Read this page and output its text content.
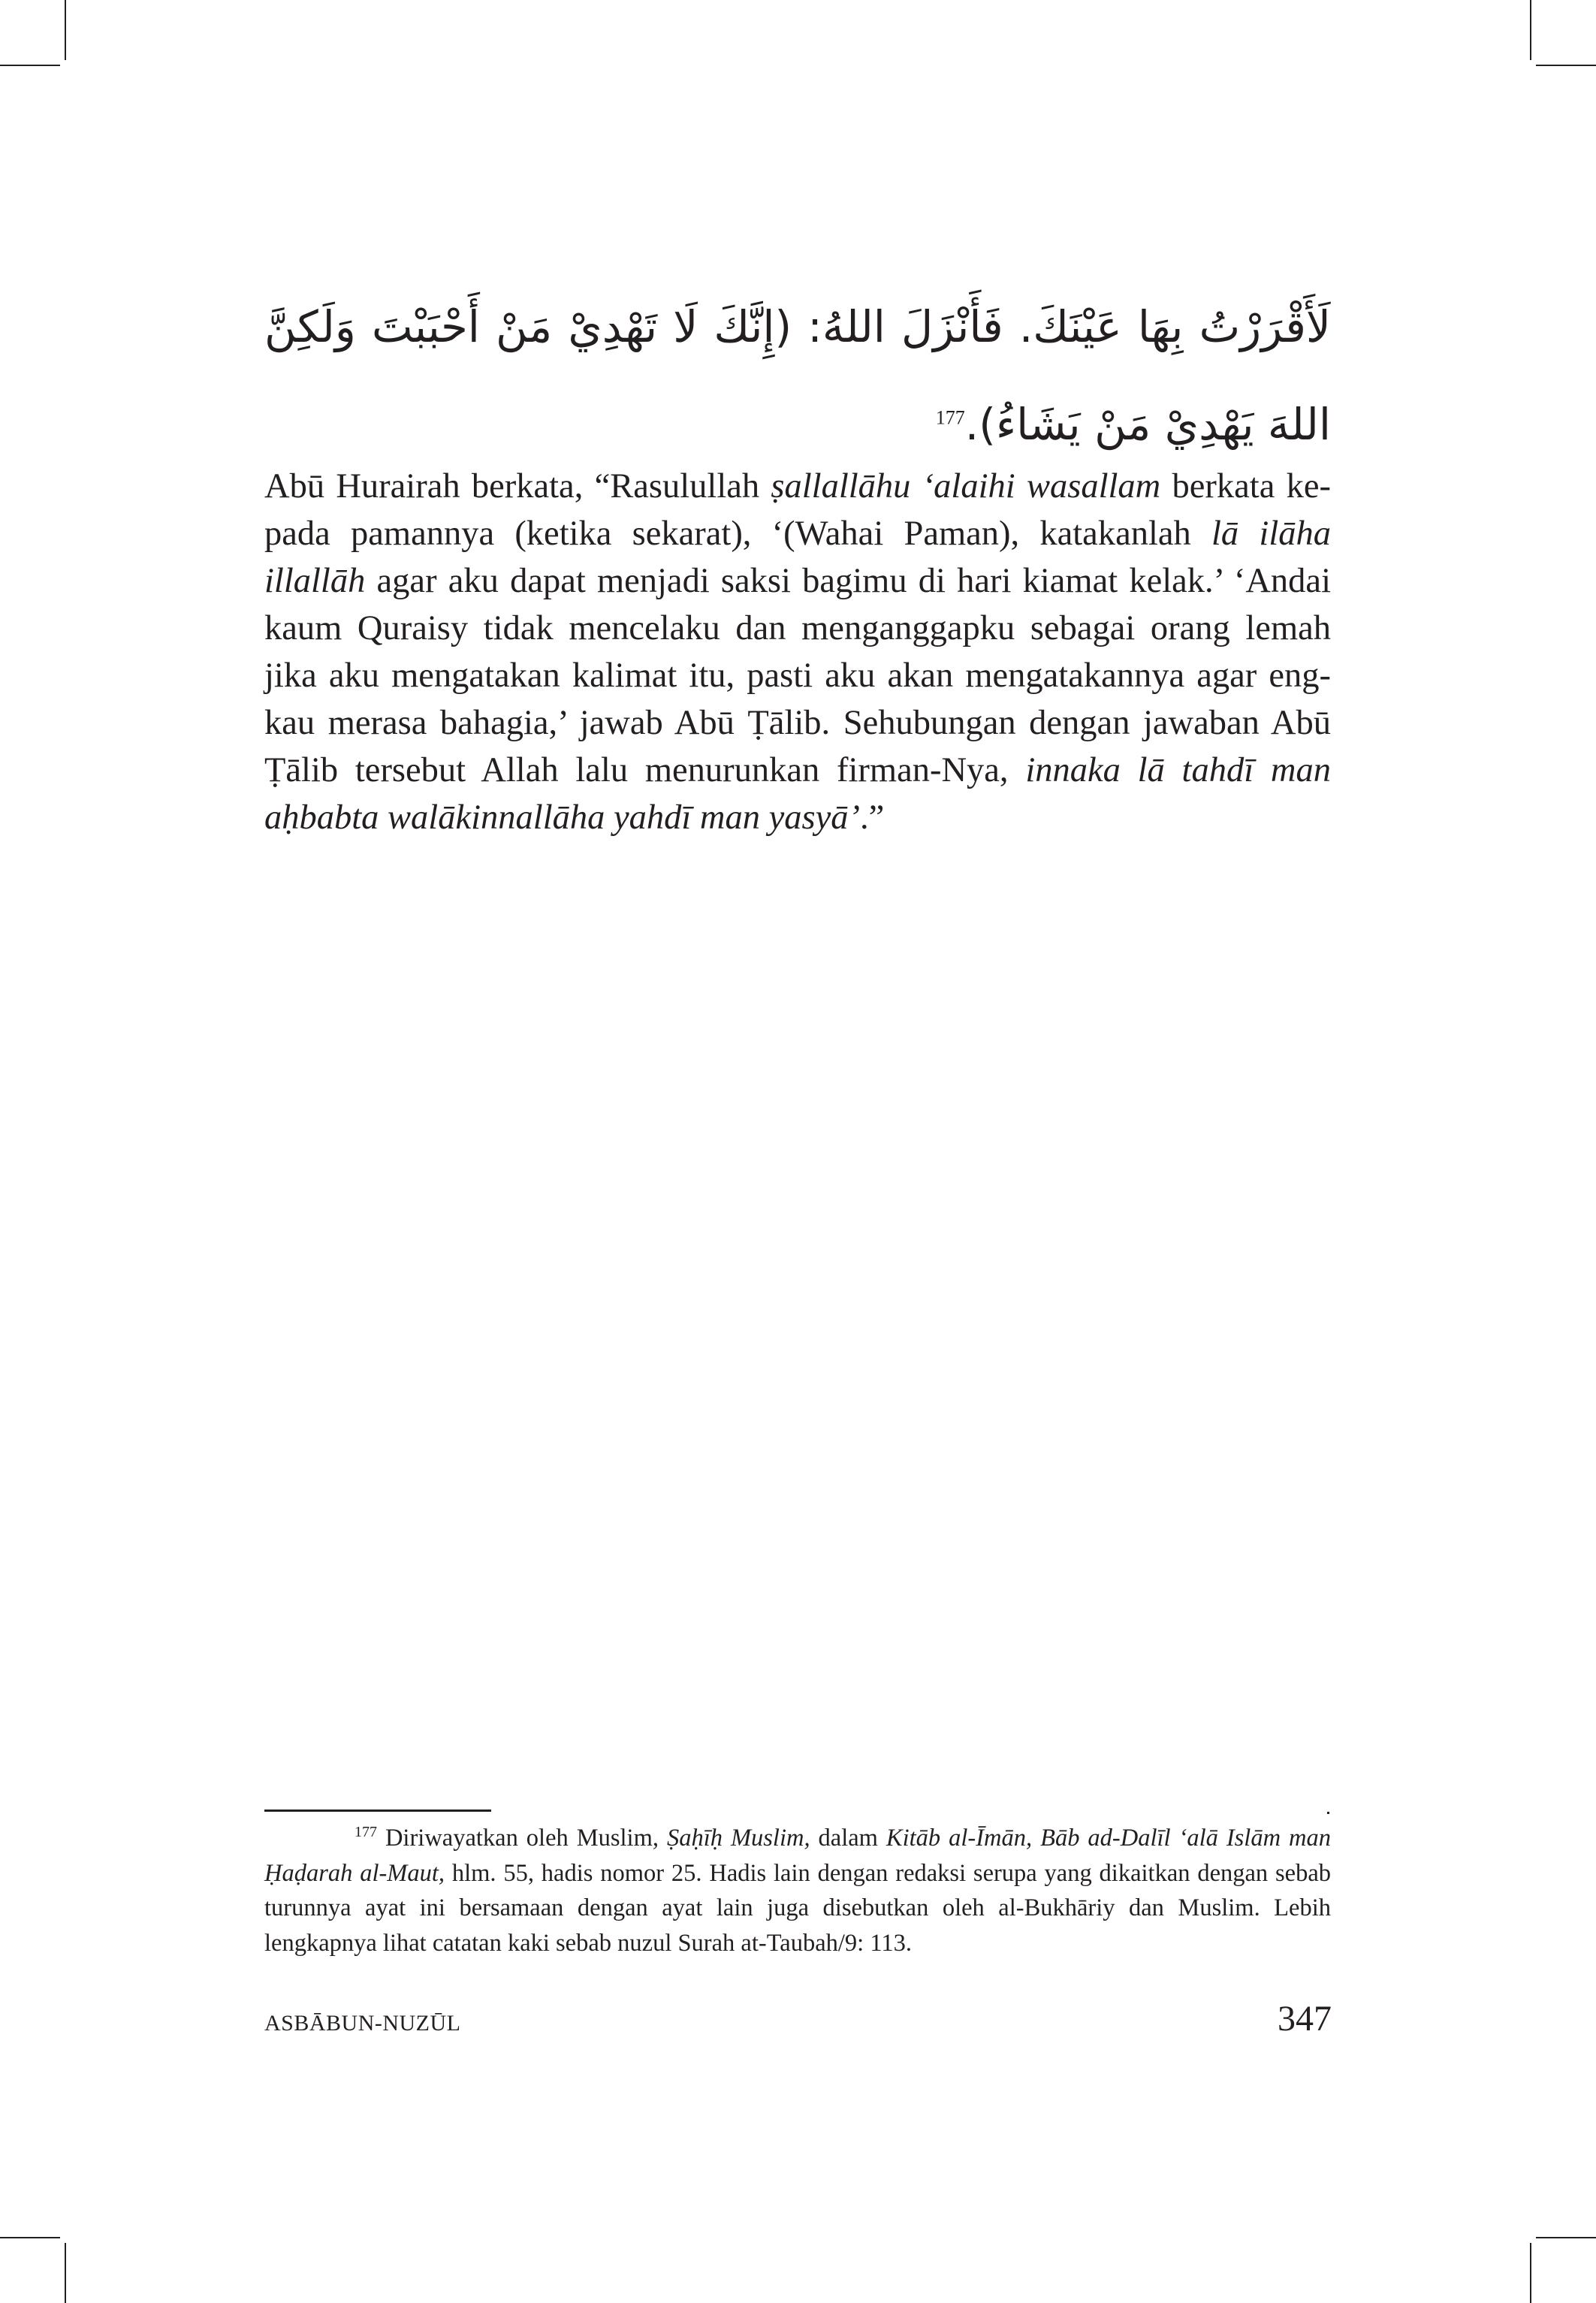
لَأَقْرَرْتُ بِهَا عَيْنَكَ. فَأَنْزَلَ اللهُ: (إِنَّكَ لَا تَهْدِيْ مَنْ أَحْبَبْتَ وَلَكِنَّ اللهَ يَهْدِيْ مَنْ يَشَاءُ).$^{177}$

Abū Hurairah berkata, “Rasulullah ṣallallāhu ‘alaihi wasallam berkata ke-pada pamannya (ketika sekarat), ‘(Wahai Paman), katakanlah lā ilāha illallāh agar aku dapat menjadi saksi bagimu di hari kiamat kelak.’ ‘Andai kaum Quraisy tidak mencelaku dan menganggapku sebagai orang lemah jika aku mengatakan kalimat itu, pasti aku akan mengatakannya agar eng-kau merasa bahagia,’ jawab Abū Ṭālib. Sehubungan dengan jawaban Abū Ṭālib tersebut Allah lalu menurunkan firman-Nya, innaka lā tahdī man aḥbabta walākinnallāha yahdī man yasyā’.”

$^{177}$ Diriwayatkan oleh Muslim, Ṣaḥīḥ Muslim, dalam Kitāb al-Īmān, Bāb ad-Dalīl ‘alā Islām man Ḥaḍarah al-Maut, hlm. 55, hadis nomor 25. Hadis lain dengan redaksi serupa yang dikaitkan dengan sebab turunnya ayat ini bersamaan dengan ayat lain juga disebutkan oleh al-Bukhāriy dan Muslim. Lebih lengkapnya lihat catatan kaki sebab nuzul Surah at-Taubah/9: 113.

ASBĀBUN-NUZŪL	347
